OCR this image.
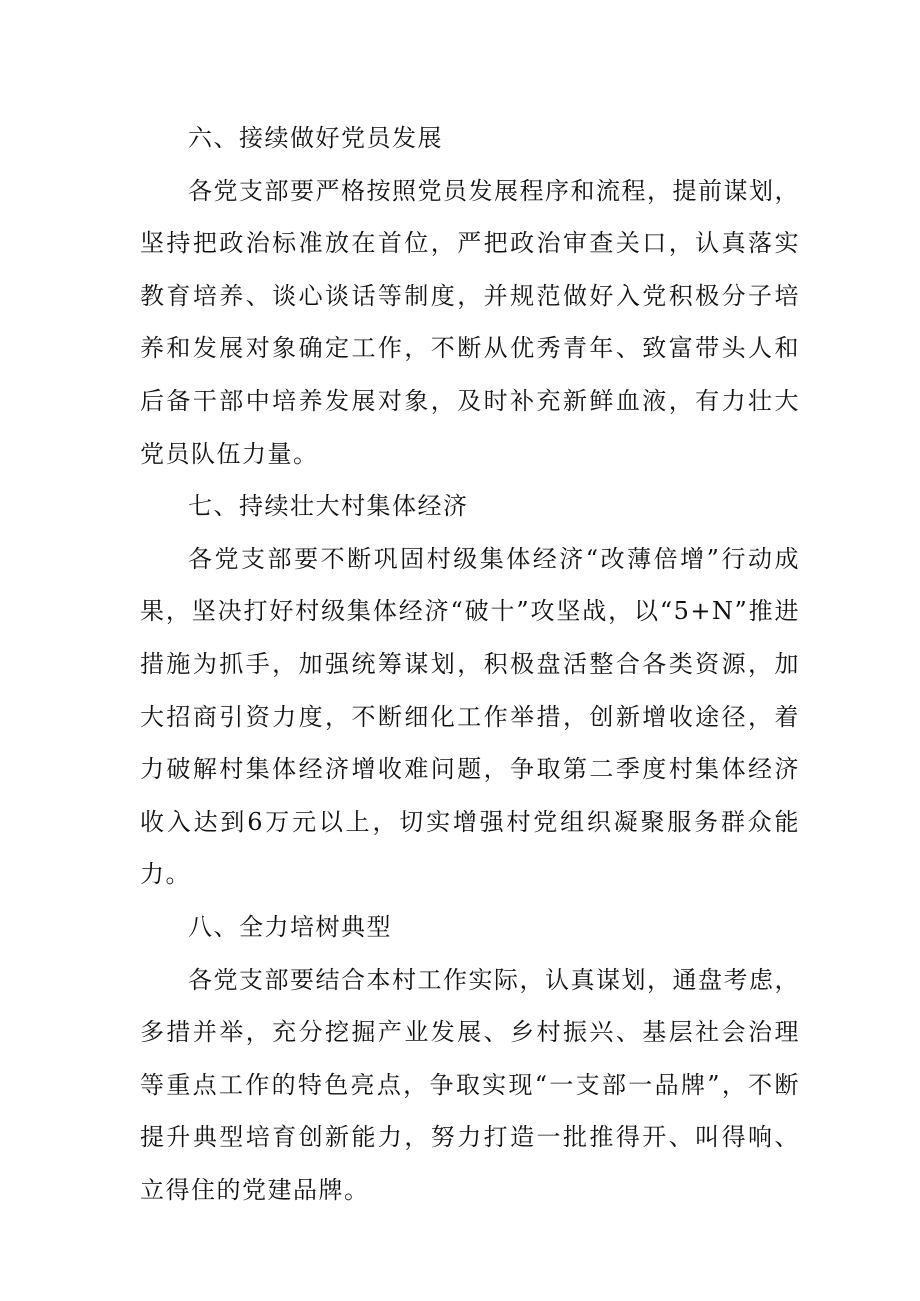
六、接续做好党员发展

各党支部要严格按照党员发展程序和流程，提前谋划，坚持把政治标准放在首位，严把政治审查关口，认真落实教育培养、谈心谈话等制度，并规范做好入党积极分子培养和发展对象确定工作，不断从优秀青年、致富带头人和后备干部中培养发展对象，及时补充新鲜血液，有力壮大党员队伍力量。

七、持续壮大村集体经济

各党支部要不断巩固村级集体经济“改薄倍增”行动成果，坚决打好村级集体经济“破十”攻坚战，以“5+N”推进措施为抓手，加强统筹谋划，积极盘活整合各类资源，加大招商引资力度，不断细化工作举措，创新增收途径，着力破解村集体经济增收难问题，争取第二季度村集体经济收入达到6万元以上，切实增强村党组织凝聚服务群众能力。

八、全力培树典型

各党支部要结合本村工作实际，认真谋划，通盘考虑，多措并举，充分挖掘产业发展、乡村振兴、基层社会治理等重点工作的特色亮点，争取实现“一支部一品牌”，不断提升典型培育创新能力，努力打造一批推得开、叫得响、立得住的党建品牌。
